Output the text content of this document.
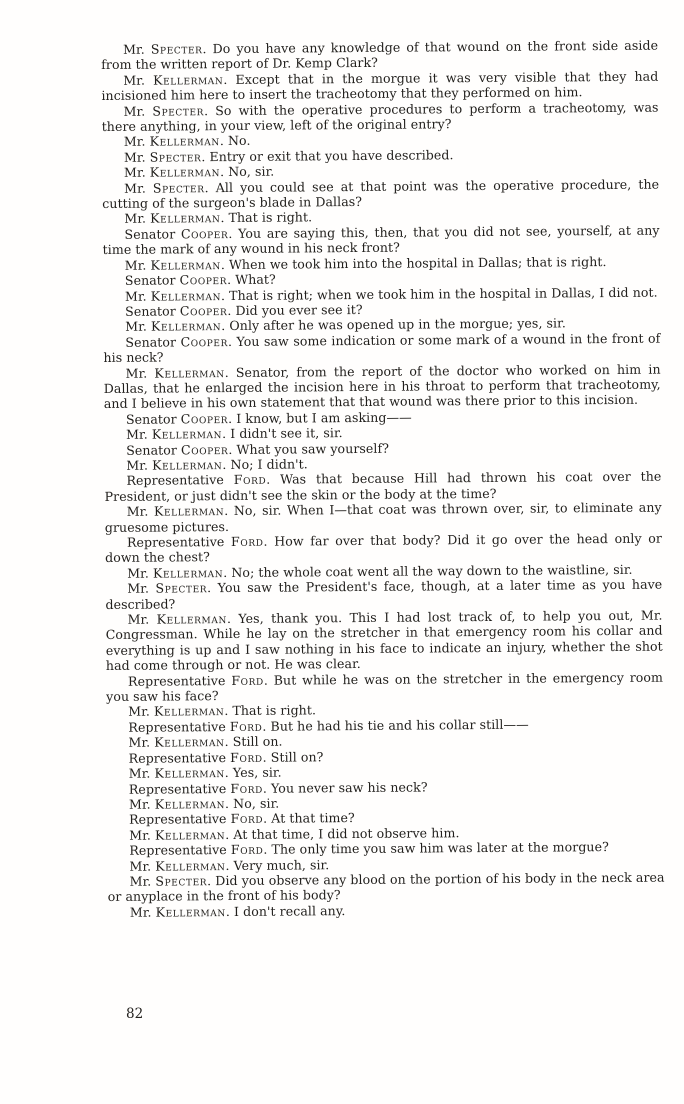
Mr. Specter. Do you have any knowledge of that wound on the front side aside from the written report of Dr. Kemp Clark?

Mr. Kellerman. Except that in the morgue it was very visible that they had incisioned him here to insert the tracheotomy that they performed on him.

Mr. Specter. So with the operative procedures to perform a tracheotomy, was there anything, in your view, left of the original entry?

Mr. Kellerman. No.

Mr. Specter. Entry or exit that you have described.

Mr. Kellerman. No, sir.

Mr. Specter. All you could see at that point was the operative procedure, the cutting of the surgeon's blade in Dallas?

Mr. Kellerman. That is right.

Senator Cooper. You are saying this, then, that you did not see, yourself, at any time the mark of any wound in his neck front?

Mr. Kellerman. When we took him into the hospital in Dallas; that is right.

Senator Cooper. What?

Mr. Kellerman. That is right; when we took him in the hospital in Dallas, I did not.

Senator Cooper. Did you ever see it?

Mr. Kellerman. Only after he was opened up in the morgue; yes, sir.

Senator Cooper. You saw some indication or some mark of a wound in the front of his neck?

Mr. Kellerman. Senator, from the report of the doctor who worked on him in Dallas, that he enlarged the incision here in his throat to perform that tracheotomy, and I believe in his own statement that that wound was there prior to this incision.

Senator Cooper. I know, but I am asking——

Mr. Kellerman. I didn't see it, sir.

Senator Cooper. What you saw yourself?

Mr. Kellerman. No; I didn't.

Representative Ford. Was that because Hill had thrown his coat over the President, or just didn't see the skin or the body at the time?

Mr. Kellerman. No, sir. When I—that coat was thrown over, sir, to eliminate any gruesome pictures.

Representative Ford. How far over that body? Did it go over the head only or down the chest?

Mr. Kellerman. No; the whole coat went all the way down to the waistline, sir.

Mr. Specter. You saw the President's face, though, at a later time as you have described?

Mr. Kellerman. Yes, thank you. This I had lost track of, to help you out, Mr. Congressman. While he lay on the stretcher in that emergency room his collar and everything is up and I saw nothing in his face to indicate an injury, whether the shot had come through or not. He was clear.

Representative Ford. But while he was on the stretcher in the emergency room you saw his face?

Mr. Kellerman. That is right.

Representative Ford. But he had his tie and his collar still——

Mr. Kellerman. Still on.

Representative Ford. Still on?

Mr. Kellerman. Yes, sir.

Representative Ford. You never saw his neck?

Mr. Kellerman. No, sir.

Representative Ford. At that time?

Mr. Kellerman. At that time, I did not observe him.

Representative Ford. The only time you saw him was later at the morgue?

Mr. Kellerman. Very much, sir.

Mr. Specter. Did you observe any blood on the portion of his body in the neck area or anyplace in the front of his body?

Mr. Kellerman. I don't recall any.

82
